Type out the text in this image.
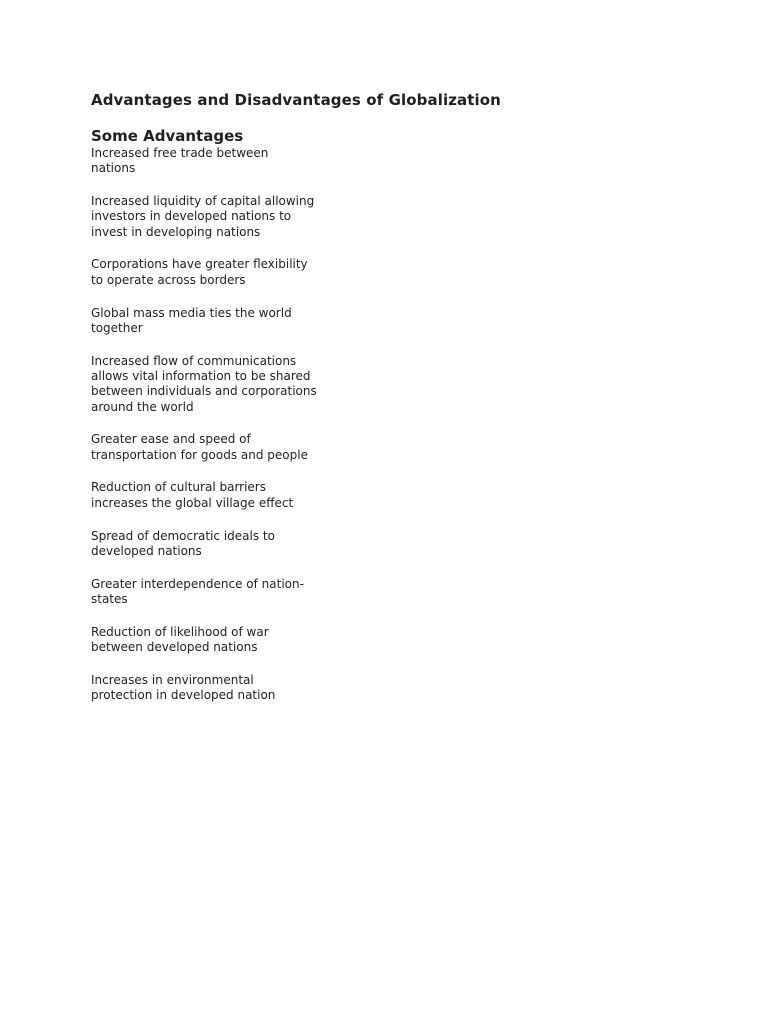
Advantages and Disadvantages of Globalization
Some Advantages
Increased free trade between
nations
Increased liquidity of capital allowing
investors in developed nations to
invest in developing nations
Corporations have greater flexibility
to operate across borders
Global mass media ties the world
together
Increased flow of communications
allows vital information to be shared
between individuals and corporations
around the world
Greater ease and speed of
transportation for goods and people
Reduction of cultural barriers
increases the global village effect
Spread of democratic ideals to
developed nations
Greater interdependence of nation-
states
Reduction of likelihood of war
between developed nations
Increases in environmental
protection in developed nation
